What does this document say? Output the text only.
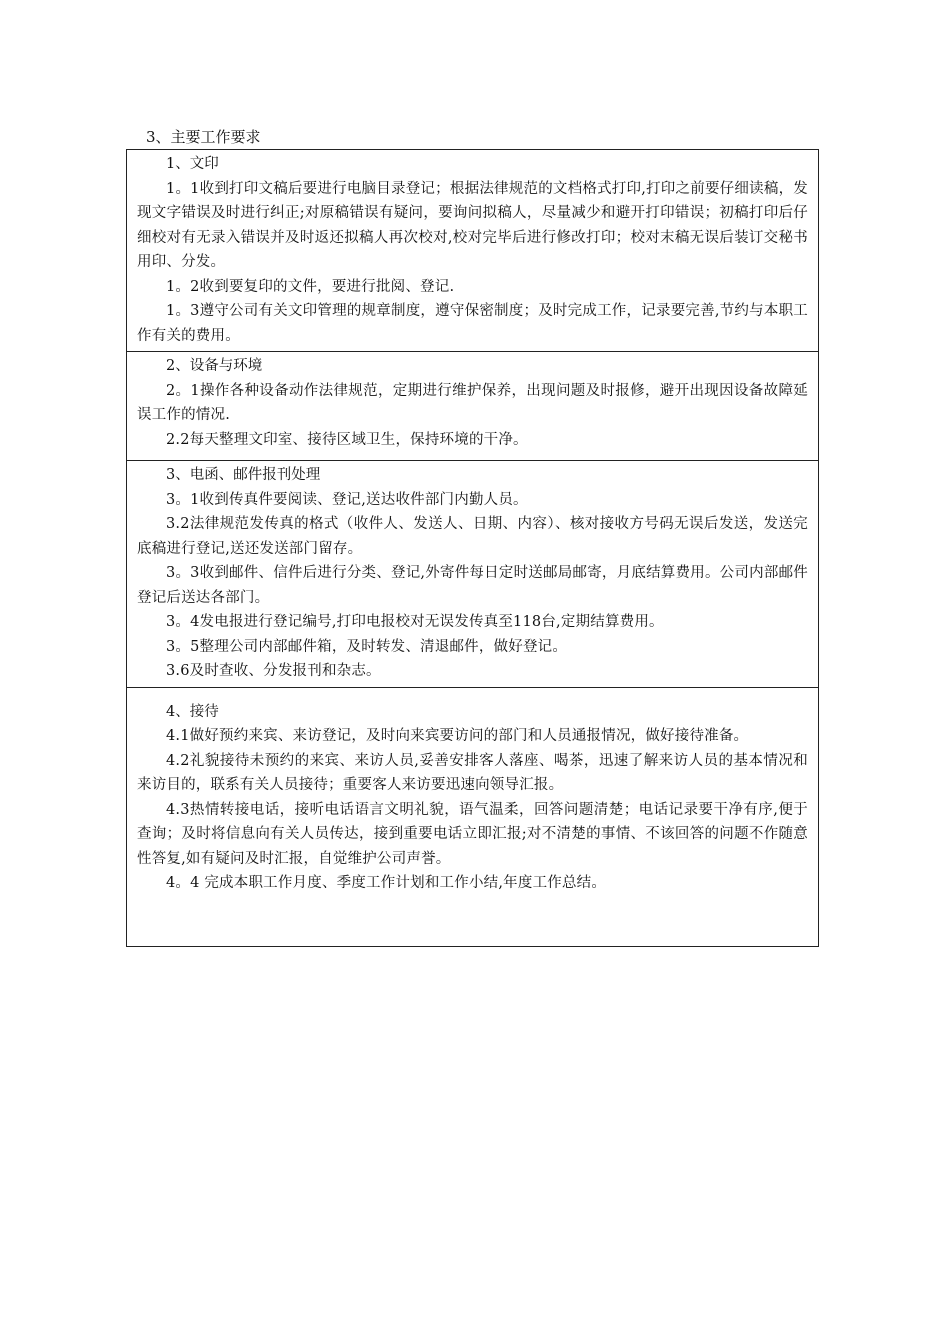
3、主要工作要求

1、文印

1。1收到打印文稿后要进行电脑目录登记；根据法律规范的文档格式打印,打印之前要仔细读稿，发现文字错误及时进行纠正;对原稿错误有疑问，要询问拟稿人，尽量减少和避开打印错误；初稿打印后仔细校对有无录入错误并及时返还拟稿人再次校对,校对完毕后进行修改打印；校对末稿无误后装订交秘书用印、分发。

1。2收到要复印的文件，要进行批阅、登记.

1。3遵守公司有关文印管理的规章制度，遵守保密制度；及时完成工作，记录要完善,节约与本职工作有关的费用。

2、设备与环境

2。1操作各种设备动作法律规范，定期进行维护保养，出现问题及时报修，避开出现因设备故障延误工作的情况.

2.2每天整理文印室、接待区域卫生，保持环境的干净。

3、电函、邮件报刊处理

3。1收到传真件要阅读、登记,送达收件部门内勤人员。

3.2法律规范发传真的格式（收件人、发送人、日期、内容）、核对接收方号码无误后发送，发送完底稿进行登记,送还发送部门留存。

3。3收到邮件、信件后进行分类、登记,外寄件每日定时送邮局邮寄，月底结算费用。公司内部邮件登记后送达各部门。

3。4发电报进行登记编号,打印电报校对无误发传真至118台,定期结算费用。

3。5整理公司内部邮件箱，及时转发、清退邮件，做好登记。

3.6及时查收、分发报刊和杂志。

4、接待

4.1做好预约来宾、来访登记，及时向来宾要访问的部门和人员通报情况，做好接待准备。

4.2礼貌接待未预约的来宾、来访人员,妥善安排客人落座、喝茶，迅速了解来访人员的基本情况和来访目的，联系有关人员接待；重要客人来访要迅速向领导汇报。

4.3热情转接电话，接听电话语言文明礼貌，语气温柔，回答问题清楚；电话记录要干净有序,便于查询；及时将信息向有关人员传达，接到重要电话立即汇报;对不清楚的事情、不该回答的问题不作随意性答复,如有疑问及时汇报，自觉维护公司声誉。

4。4 完成本职工作月度、季度工作计划和工作小结,年度工作总结。
